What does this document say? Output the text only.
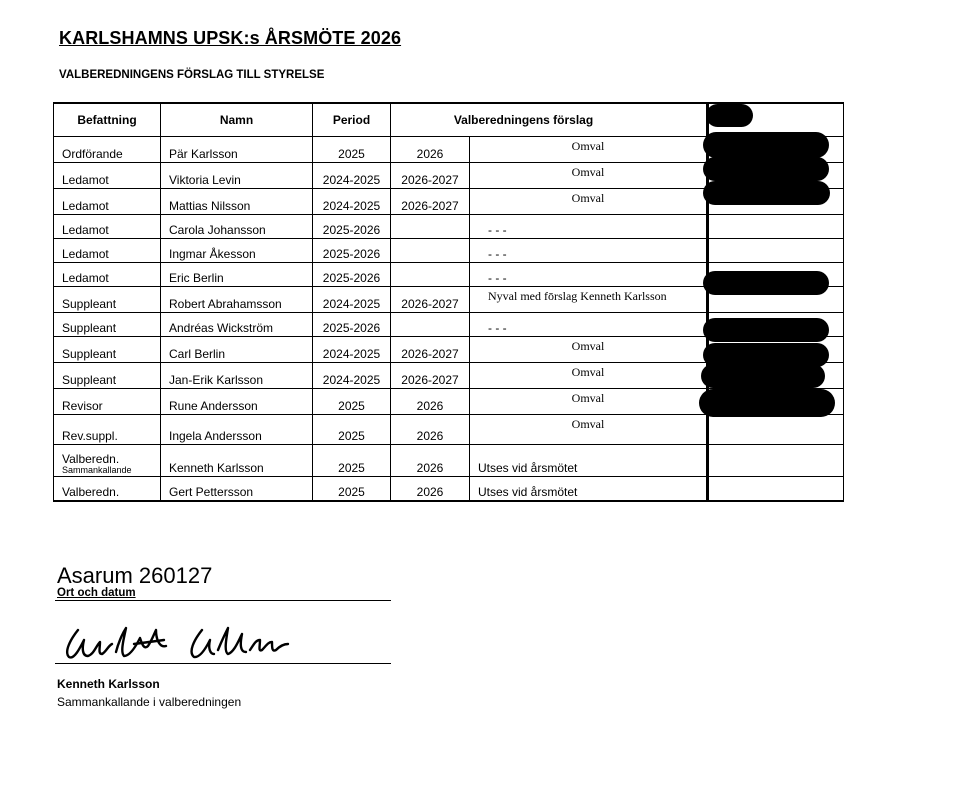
KARLSHAMNS UPSK:s ÅRSMÖTE 2026
VALBEREDNINGENS FÖRSLAG TILL STYRELSE
Befattning	Namn	Period	Valberedningens förslag		
Ordförande	Pär Karlsson	2025	2026	Omval	
Ledamot	Viktoria Levin	2024-2025	2026-2027	Omval	
Ledamot	Mattias Nilsson	2024-2025	2026-2027	Omval	
Ledamot	Carola Johansson	2025-2026		- - -	
Ledamot	Ingmar Åkesson	2025-2026		- - -	
Ledamot	Eric Berlin	2025-2026		- - -	
Suppleant	Robert Abrahamsson	2024-2025	2026-2027	Nyval med fōrslag Kenneth Karlsson	
Suppleant	Andréas Wickström	2025-2026		- - -	
Suppleant	Carl Berlin	2024-2025	2026-2027	Omval	
Suppleant	Jan-Erik Karlsson	2024-2025	2026-2027	Omval	
Revisor	Rune Andersson	2025	2026	Omval	
Rev.suppl.	Ingela Andersson	2025	2026	Omval	

Valberedn.
Sammankallande	Kenneth Karlsson	2025	2026	Utses vid årsmötet	
Valberedn.	Gert Pettersson	2025	2026	Utses vid årsmötet	
Asarum 260127
Ort och datum
Kenneth Karlsson
Sammankallande i valberedningen
